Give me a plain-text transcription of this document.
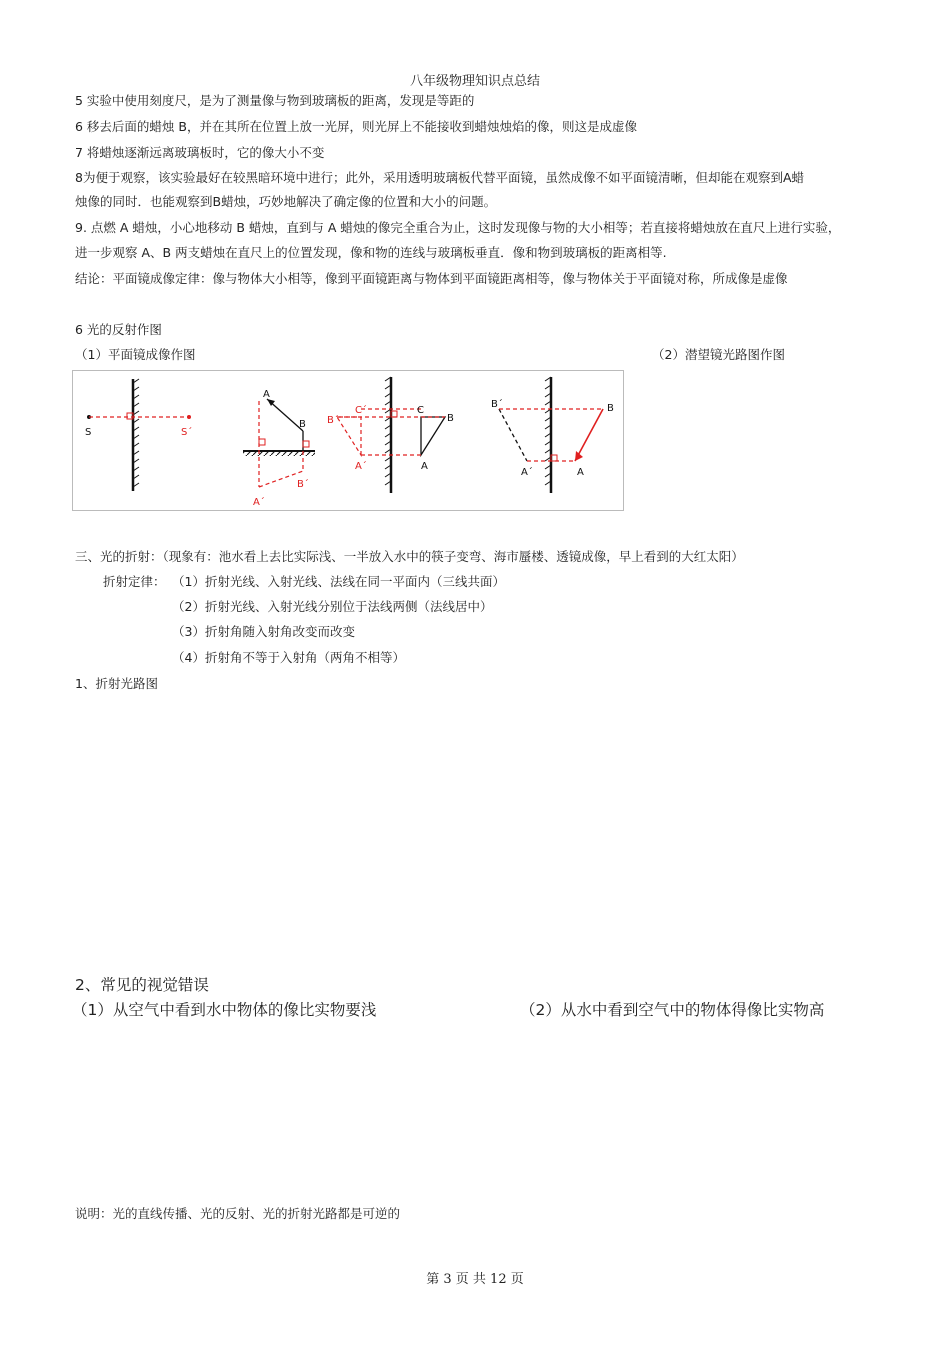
八年级物理知识点总结
5 实验中使用刻度尺，是为了测量像与物到玻璃板的距离，发现是等距的
6 移去后面的蜡烛 B，并在其所在位置上放一光屏，则光屏上不能接收到蜡烛烛焰的像，则这是成虚像
7 将蜡烛逐渐远离玻璃板时，它的像大小不变
8为便于观察，该实验最好在较黑暗环境中进行；此外，采用透明玻璃板代替平面镜，虽然成像不如平面镜清晰，但却能在观察到A蜡
烛像的同时．也能观察到B蜡烛，巧妙地解决了确定像的位置和大小的问题。
9. 点燃 A 蜡烛，小心地移动 B 蜡烛，直到与 A 蜡烛的像完全重合为止，这时发现像与物的大小相等；若直接将蜡烛放在直尺上进行实验，
进一步观察 A、B 两支蜡烛在直尺上的位置发现，像和物的连线与玻璃板垂直．像和物到玻璃板的距离相等.
结论：平面镜成像定律：像与物体大小相等，像到平面镜距离与物体到平面镜距离相等，像与物体关于平面镜对称，所成像是虚像
6 光的反射作图
（1）平面镜成像作图	（2）潜望镜光路图作图
S	S´
A
B
A´
B´
C
B
A
C´
B´
A´
B
A
B´
A´
三、光的折射：（现象有：池水看上去比实际浅、一半放入水中的筷子变弯、海市蜃楼、透镜成像，早上看到的大红太阳）
折射定律： （1）折射光线、入射光线、法线在同一平面内（三线共面）
（2）折射光线、入射光线分别位于法线两侧（法线居中）
（3）折射角随入射角改变而改变
（4）折射角不等于入射角（两角不相等）
1、折射光路图
2、常见的视觉错误
（1）从空气中看到水中物体的像比实物要浅	（2）从水中看到空气中的物体得像比实物高
说明：光的直线传播、光的反射、光的折射光路都是可逆的
第 3 页 共 12 页
